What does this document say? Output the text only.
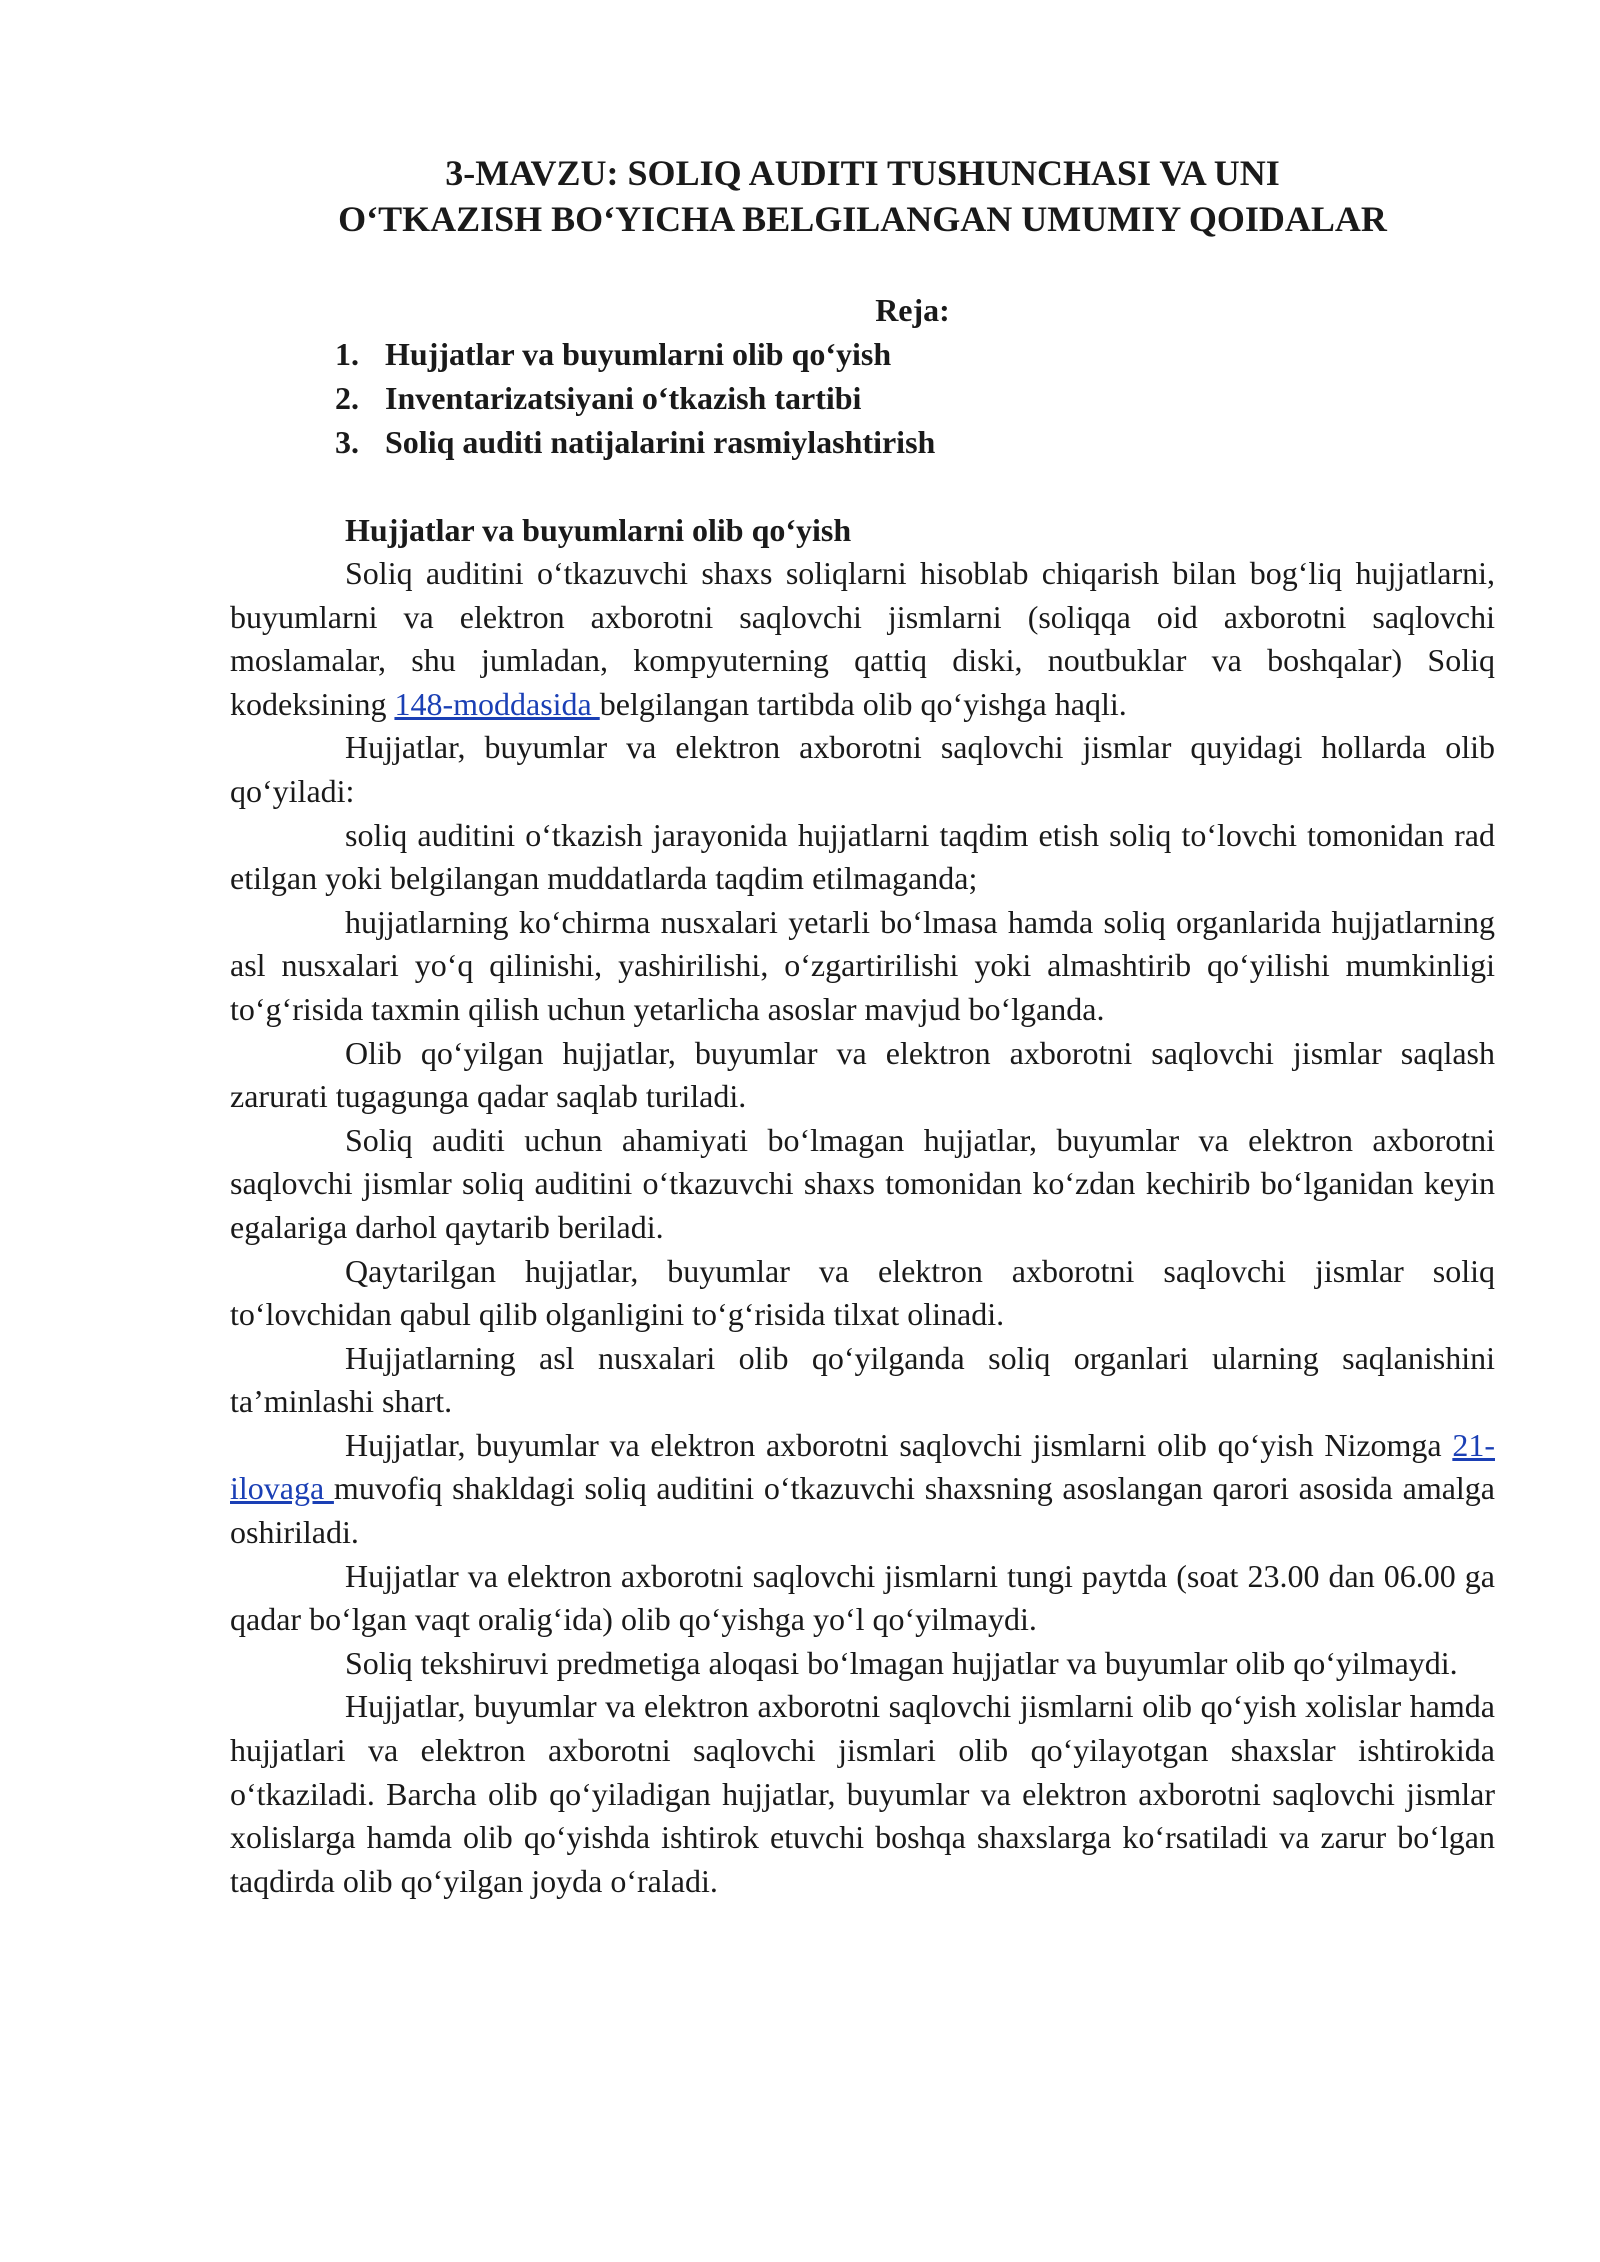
3-MAVZU: SOLIQ AUDITI TUSHUNCHASI VA UNI
O‘TKAZISH BO‘YICHA BELGILANGAN UMUMIY QOIDALAR
Reja:
1. Hujjatlar va buyumlarni olib qo‘yish
2. Inventarizatsiyani o‘tkazish tartibi
3. Soliq auditi natijalarini rasmiylashtirish
Hujjatlar va buyumlarni olib qo‘yish

Soliq auditini o‘tkazuvchi shaxs soliqlarni hisoblab chiqarish bilan bog‘liq hujjatlarni, buyumlarni va elektron axborotni saqlovchi jismlarni (soliqqa oid axborotni saqlovchi moslamalar, shu jumladan, kompyuterning qattiq diski, noutbuklar va boshqalar) Soliq kodeksining 148-moddasida belgilangan tartibda olib qo‘yishga haqli.

Hujjatlar, buyumlar va elektron axborotni saqlovchi jismlar quyidagi hollarda olib qo‘yiladi:

soliq auditini o‘tkazish jarayonida hujjatlarni taqdim etish soliq to‘lovchi tomonidan rad etilgan yoki belgilangan muddatlarda taqdim etilmaganda;

hujjatlarning ko‘chirma nusxalari yetarli bo‘lmasa hamda soliq organlarida hujjatlarning asl nusxalari yo‘q qilinishi, yashirilishi, o‘zgartirilishi yoki almashtirib qo‘yilishi mumkinligi to‘g‘risida taxmin qilish uchun yetarlicha asoslar mavjud bo‘lganda.

Olib qo‘yilgan hujjatlar, buyumlar va elektron axborotni saqlovchi jismlar saqlash zarurati tugagunga qadar saqlab turiladi.

Soliq auditi uchun ahamiyati bo‘lmagan hujjatlar, buyumlar va elektron axborotni saqlovchi jismlar soliq auditini o‘tkazuvchi shaxs tomonidan ko‘zdan kechirib bo‘lganidan keyin egalariga darhol qaytarib beriladi.

Qaytarilgan hujjatlar, buyumlar va elektron axborotni saqlovchi jismlar soliq to‘lovchidan qabul qilib olganligini to‘g‘risida tilxat olinadi.

Hujjatlarning asl nusxalari olib qo‘yilganda soliq organlari ularning saqlanishini ta’minlashi shart.

Hujjatlar, buyumlar va elektron axborotni saqlovchi jismlarni olib qo‘yish Nizomga 21-ilovaga muvofiq shakldagi soliq auditini o‘tkazuvchi shaxsning asoslangan qarori asosida amalga oshiriladi.

Hujjatlar va elektron axborotni saqlovchi jismlarni tungi paytda (soat 23.00 dan 06.00 ga qadar bo‘lgan vaqt oralig‘ida) olib qo‘yishga yo‘l qo‘yilmaydi.

Soliq tekshiruvi predmetiga aloqasi bo‘lmagan hujjatlar va buyumlar olib qo‘yilmaydi.

Hujjatlar, buyumlar va elektron axborotni saqlovchi jismlarni olib qo‘yish xolislar hamda hujjatlari va elektron axborotni saqlovchi jismlari olib qo‘yilayotgan shaxslar ishtirokida o‘tkaziladi. Barcha olib qo‘yiladigan hujjatlar, buyumlar va elektron axborotni saqlovchi jismlar xolislarga hamda olib qo‘yishda ishtirok etuvchi boshqa shaxslarga ko‘rsatiladi va zarur bo‘lgan taqdirda olib qo‘yilgan joyda o‘raladi.
